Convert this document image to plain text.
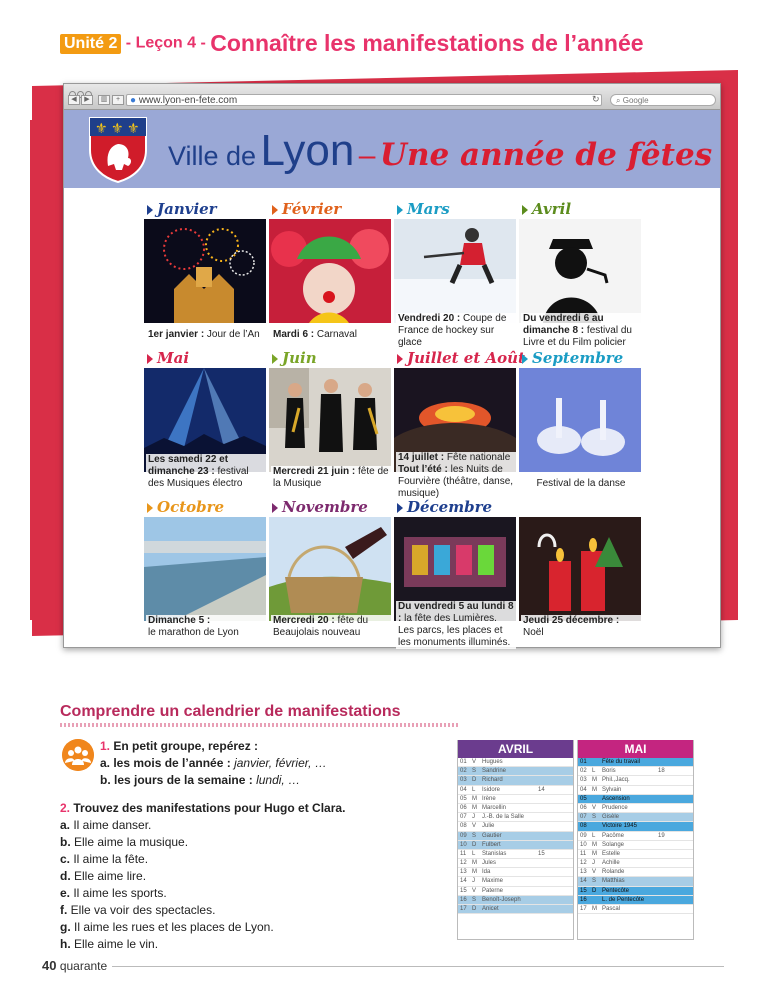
Unité 2 - Leçon 4 - Connaître les manifestations de l’année
◀	▶	▥	+ ● www.lyon-en-fete.com	↻	⌕ Google
⚜ ⚜ ⚜
Ville de Lyon – Une année de fêtes
Janvier
1er janvier : Jour de l’An
Février
Mardi 6 : Carnaval
Mars
Vendredi 20 : Coupe de France de hockey sur glace
Avril
Du vendredi 6 au dimanche 8 : festival du Livre et du Film policier
Mai
Les samedi 22 et dimanche 23 : festival des Musiques électro
Juin
Mercredi 21 juin : fête de la Musique
Juillet et Août
14 juillet : Fête nationale
Tout l’été : les Nuits de Fourvière (théâtre, danse, musique)
Septembre
Festival de la danse
Octobre
Dimanche 5 :
le marathon de Lyon
Novembre
Mercredi 20 : fête du Beaujolais nouveau
Décembre
Du vendredi 5 au lundi 8 : la fête des Lumières. Les parcs, les places et les monuments illuminés.
Jeudi 25 décembre : Noël
Comprendre un calendrier de manifestations
1. En petit groupe, repérez :
a. les mois de l’année : janvier, février, …
b. les jours de la semaine : lundi, …
2. Trouvez des manifestations pour Hugo et Clara.
a. Il aime danser.
b. Elle aime la musique.
c. Il aime la fête.
d. Elle aime lire.
e. Il aime les sports.
f. Elle va voir des spectacles.
g. Il aime les rues et les places de Lyon.
h. Elle aime le vin.
AVRIL
01 V Hugues
02 S Sandrine
03 D Richard
04 L Isidore	14
05 M Irène
06 M Marcellin
07 J J.-B. de la Salle
08 V Julie
09 S Gautier
10 D Fulbert
11 L Stanislas	15
12 M Jules
13 M Ida
14 J Maxime
15 V Paterne
16 S Benoît-Joseph
17 D Anicet
MAI
01	Fête du travail
02 L Boris	18
03 M Phil.,Jacq.
04 M Sylvain
05	Ascension
06 V Prudence
07 S Gisèle
08	Victoire 1945
09 L Pacôme	19
10 M Solange
11 M Estelle
12 J Achille
13 V Rolande
14 S Matthias
15 D Pentecôte
16	L. de Pentecôte
17 M Pascal
40 quarante
